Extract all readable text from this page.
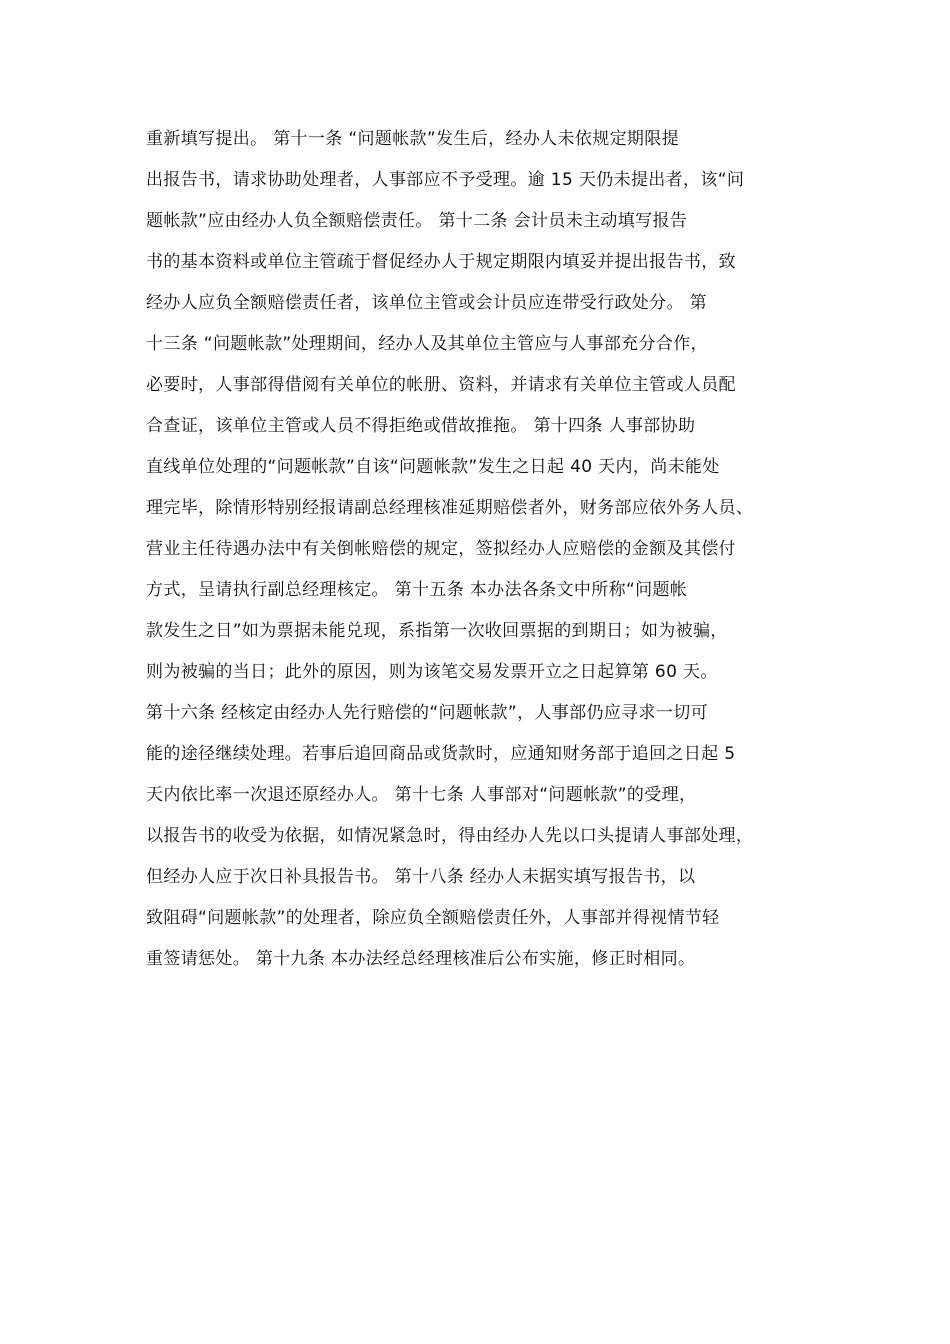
重新填写提出。 第十一条 “问题帐款”发生后，经办人未依规定期限提
出报告书，请求协助处理者，人事部应不予受理。逾 15 天仍未提出者，该“问
题帐款”应由经办人负全额赔偿责任。 第十二条 会计员未主动填写报告
书的基本资料或单位主管疏于督促经办人于规定期限内填妥并提出报告书，致
经办人应负全额赔偿责任者，该单位主管或会计员应连带受行政处分。 第
十三条 “问题帐款”处理期间，经办人及其单位主管应与人事部充分合作，
必要时，人事部得借阅有关单位的帐册、资料，并请求有关单位主管或人员配
合查证，该单位主管或人员不得拒绝或借故推拖。 第十四条 人事部协助
直线单位处理的“问题帐款”自该“问题帐款”发生之日起 40 天内，尚未能处
理完毕，除情形特别经报请副总经理核准延期赔偿者外，财务部应依外务人员、
营业主任待遇办法中有关倒帐赔偿的规定，签拟经办人应赔偿的金额及其偿付
方式，呈请执行副总经理核定。 第十五条 本办法各条文中所称“问题帐
款发生之日”如为票据未能兑现，系指第一次收回票据的到期日；如为被骗，
则为被骗的当日；此外的原因，则为该笔交易发票开立之日起算第 60 天。
第十六条 经核定由经办人先行赔偿的“问题帐款”，人事部仍应寻求一切可
能的途径继续处理。若事后追回商品或货款时，应通知财务部于追回之日起 5
天内依比率一次退还原经办人。 第十七条 人事部对“问题帐款”的受理，
以报告书的收受为依据，如情况紧急时，得由经办人先以口头提请人事部处理，
但经办人应于次日补具报告书。 第十八条 经办人未据实填写报告书，以
致阻碍“问题帐款”的处理者，除应负全额赔偿责任外，人事部并得视情节轻
重签请惩处。 第十九条 本办法经总经理核准后公布实施，修正时相同。
